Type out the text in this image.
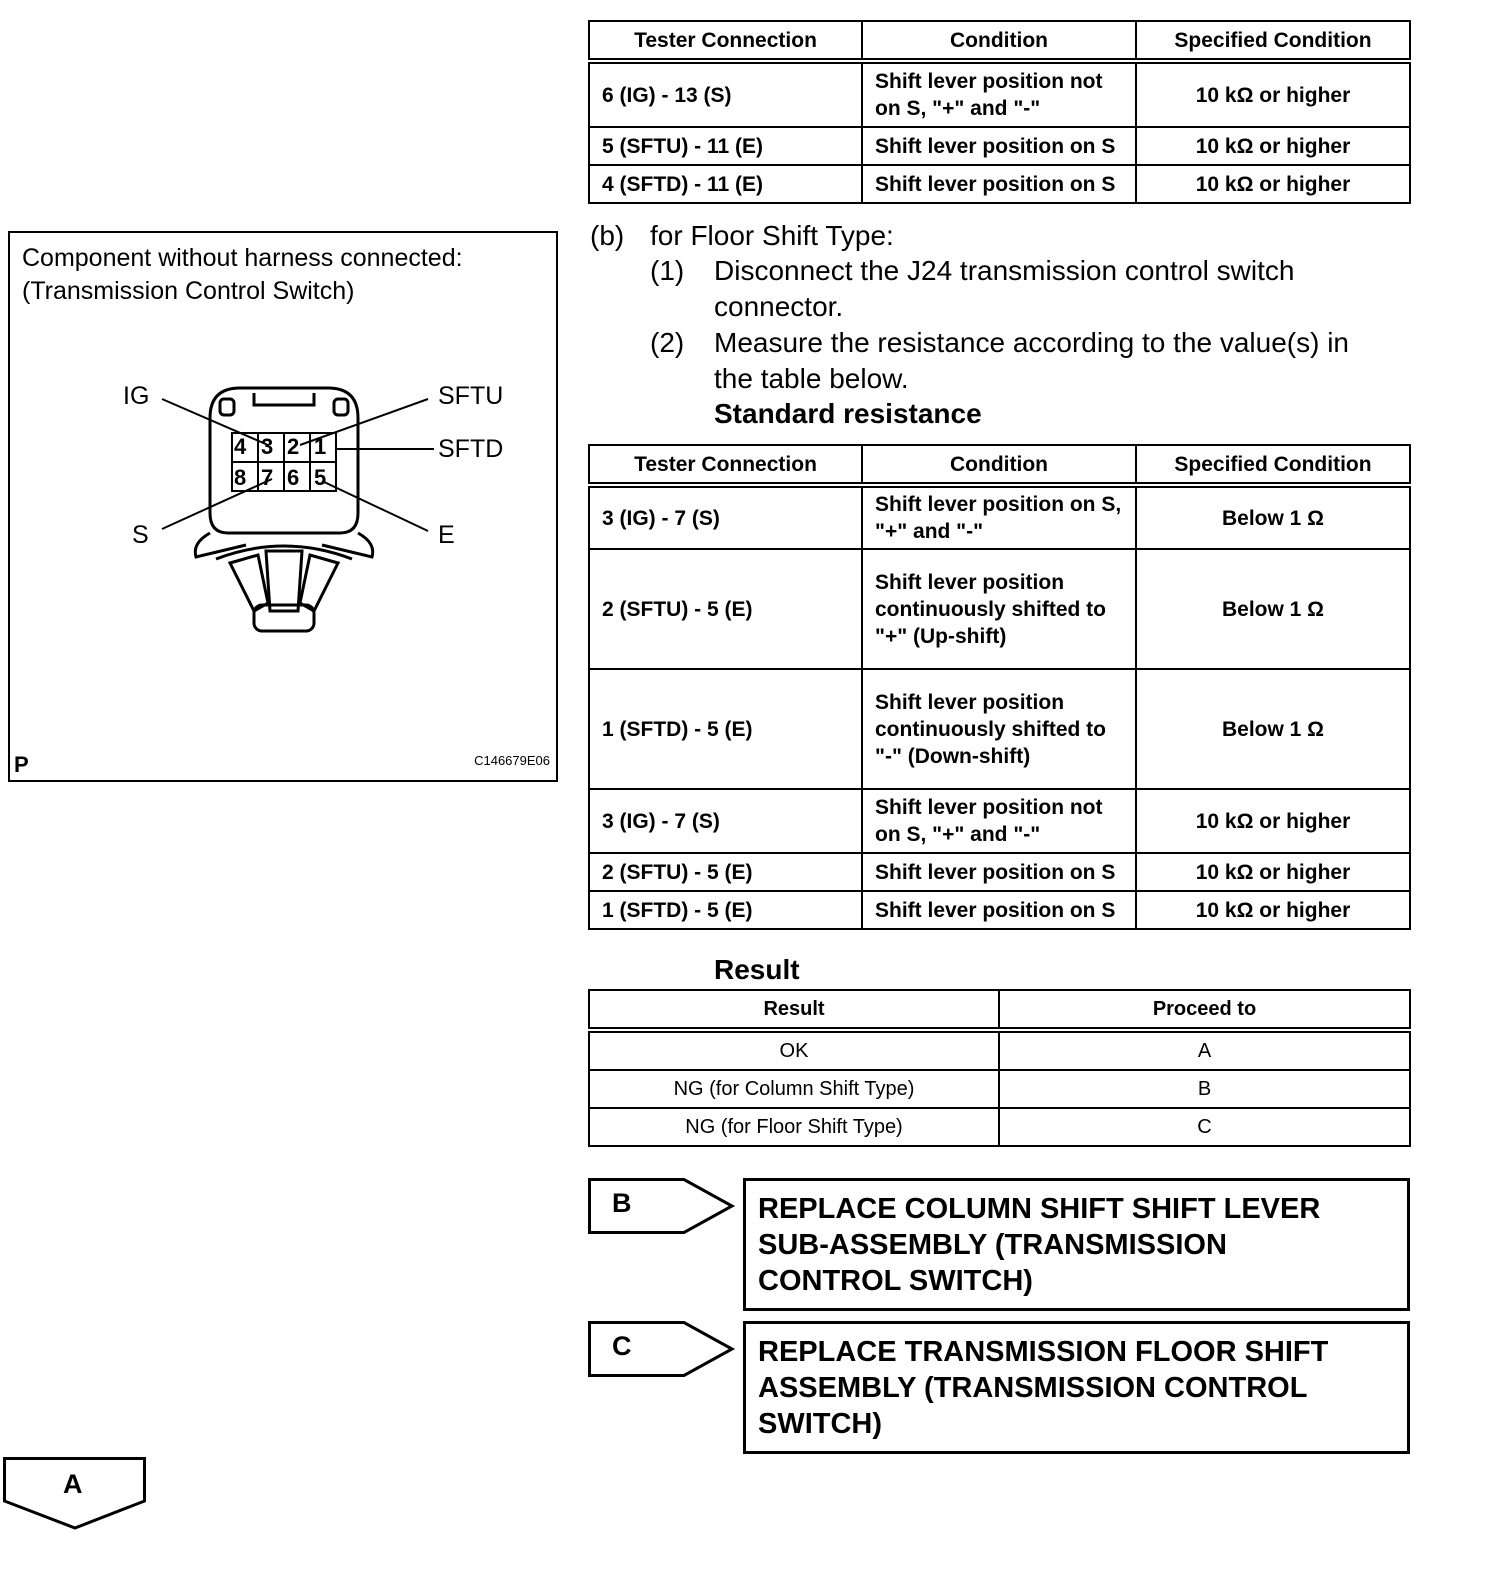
Tester Connection	Condition	Specified Condition
6 (IG) - 13 (S)	Shift lever position not on S, "+" and "-"	10 kΩ or higher
5 (SFTU) - 11 (E)	Shift lever position on S	10 kΩ or higher
4 (SFTD) - 11 (E)	Shift lever position on S	10 kΩ or higher
Component without harness connected:
(Transmission Control Switch)
4 3 2 1
8 7 6 5
IG	SFTU
SFTD
S	E
P	C146679E06
(b) for Floor Shift Type:
(1) Disconnect the J24 transmission control switch
connector.
(2) Measure the resistance according to the value(s) in
the table below.
Standard resistance
Tester Connection	Condition	Specified Condition
3 (IG) - 7 (S)	Shift lever position on S, "+" and "-"	Below 1 Ω
2 (SFTU) - 5 (E)	Shift lever position continuously shifted to "+" (Up-shift)	Below 1 Ω
1 (SFTD) - 5 (E)	Shift lever position continuously shifted to "-" (Down-shift)	Below 1 Ω
3 (IG) - 7 (S)	Shift lever position not on S, "+" and "-"	10 kΩ or higher
2 (SFTU) - 5 (E)	Shift lever position on S	10 kΩ or higher
1 (SFTD) - 5 (E)	Shift lever position on S	10 kΩ or higher
Result
Result	Proceed to
OK	A
NG (for Column Shift Type)	B
NG (for Floor Shift Type)	C
B	REPLACE COLUMN SHIFT SHIFT LEVER
SUB-ASSEMBLY (TRANSMISSION
CONTROL SWITCH)
C	REPLACE TRANSMISSION FLOOR SHIFT
ASSEMBLY (TRANSMISSION CONTROL
SWITCH)
A
